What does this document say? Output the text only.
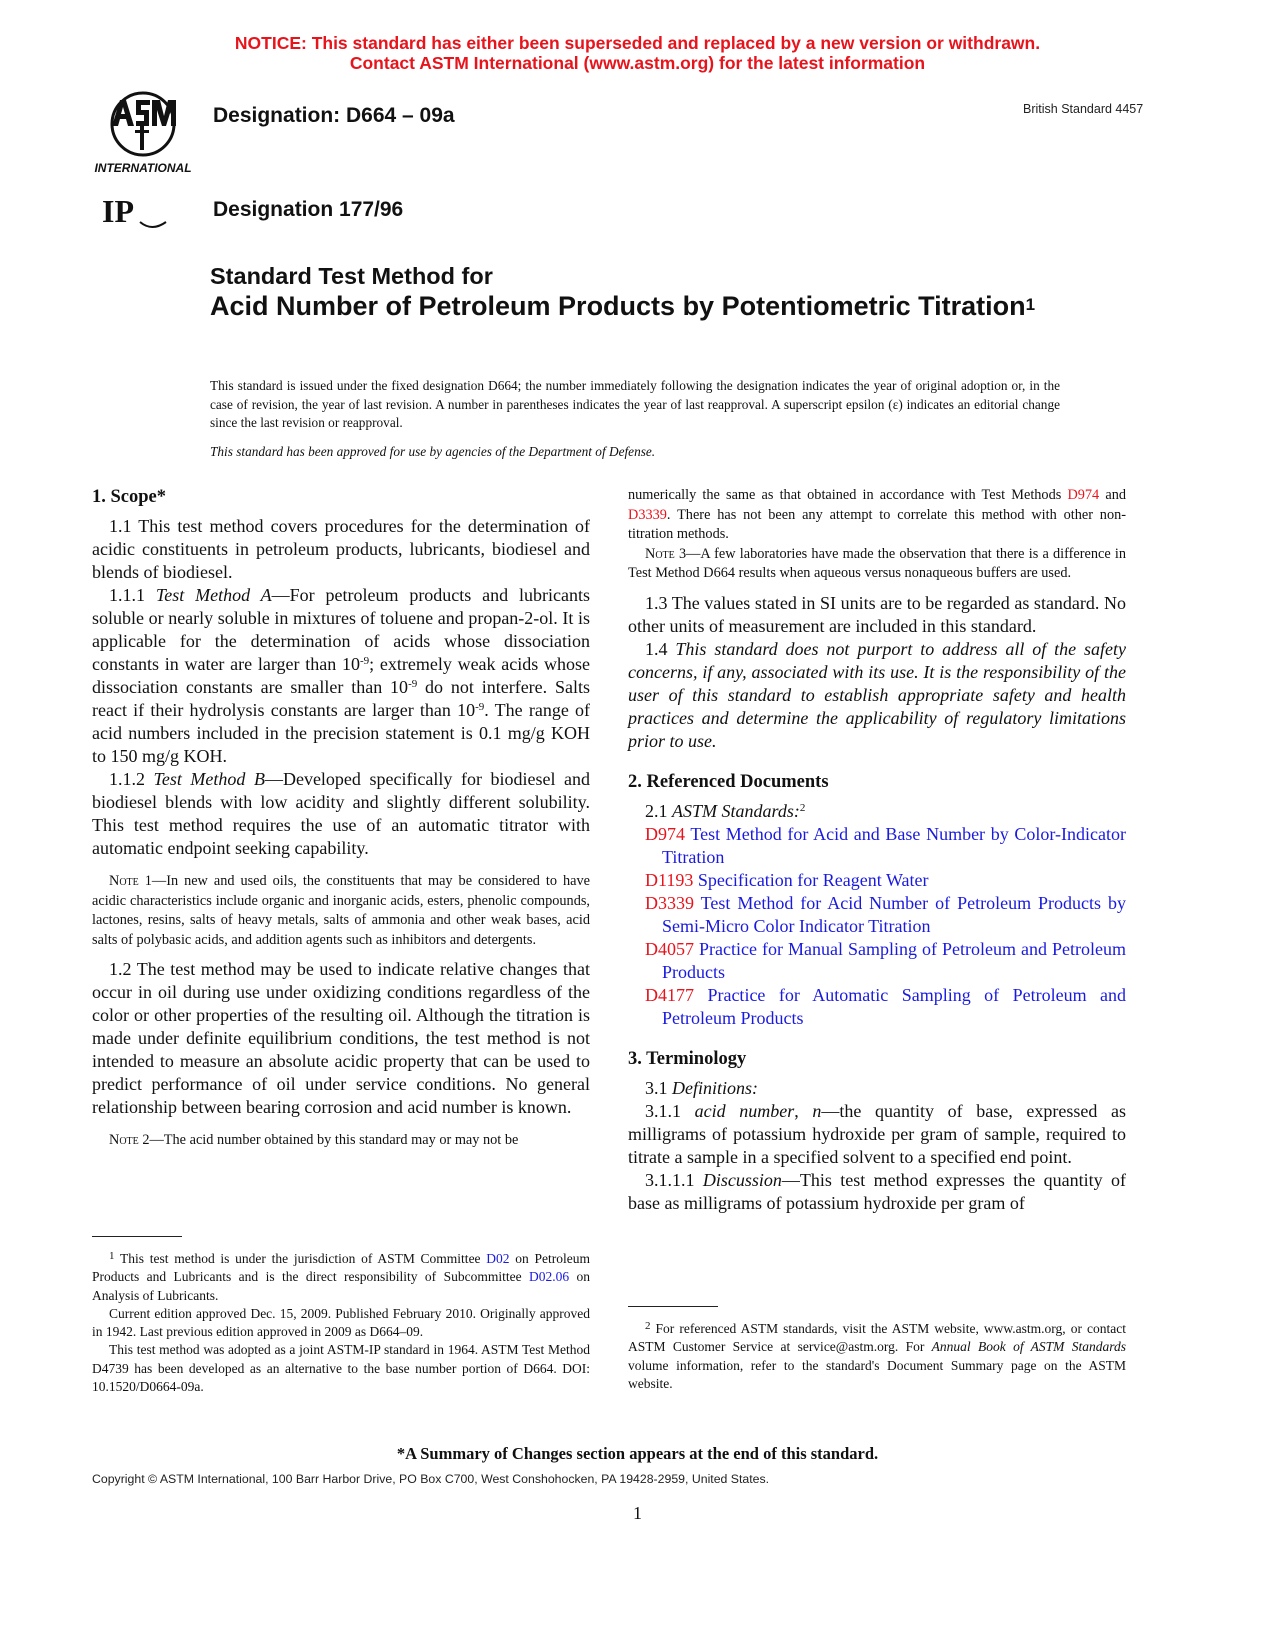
NOTICE: This standard has either been superseded and replaced by a new version or withdrawn.
Contact ASTM International (www.astm.org) for the latest information
INTERNATIONAL
IP
Designation: D664 – 09a
Designation 177/96
British Standard 4457
Standard Test Method for
Acid Number of Petroleum Products by Potentiometric Titration$^1$
This standard is issued under the fixed designation D664; the number immediately following the designation indicates the year of original adoption or, in the case of revision, the year of last revision. A number in parentheses indicates the year of last reapproval. A superscript epsilon (ε) indicates an editorial change since the last revision or reapproval.
This standard has been approved for use by agencies of the Department of Defense.

1. Scope*

1.1 This test method covers procedures for the determination of acidic constituents in petroleum products, lubricants, biodiesel and blends of biodiesel.

1.1.1 Test Method A—For petroleum products and lubricants soluble or nearly soluble in mixtures of toluene and propan-2-ol. It is applicable for the determination of acids whose dissociation constants in water are larger than $10^{-9}$; extremely weak acids whose dissociation constants are smaller than $10^{-9}$ do not interfere. Salts react if their hydrolysis constants are larger than $10^{-9}$. The range of acid numbers included in the precision statement is 0.1 mg/g KOH to 150 mg/g KOH.

1.1.2 Test Method B—Developed specifically for biodiesel and biodiesel blends with low acidity and slightly different solubility. This test method requires the use of an automatic titrator with automatic endpoint seeking capability.

Note 1—In new and used oils, the constituents that may be considered to have acidic characteristics include organic and inorganic acids, esters, phenolic compounds, lactones, resins, salts of heavy metals, salts of ammonia and other weak bases, acid salts of polybasic acids, and addition agents such as inhibitors and detergents.

1.2 The test method may be used to indicate relative changes that occur in oil during use under oxidizing conditions regardless of the color or other properties of the resulting oil. Although the titration is made under definite equilibrium conditions, the test method is not intended to measure an absolute acidic property that can be used to predict performance of oil under service conditions. No general relationship between bearing corrosion and acid number is known.

Note 2—The acid number obtained by this standard may or may not be

$^1$ This test method is under the jurisdiction of ASTM Committee D02 on Petroleum Products and Lubricants and is the direct responsibility of Subcommittee D02.06 on Analysis of Lubricants.

Current edition approved Dec. 15, 2009. Published February 2010. Originally approved in 1942. Last previous edition approved in 2009 as D664–09.

This test method was adopted as a joint ASTM-IP standard in 1964. ASTM Test Method D4739 has been developed as an alternative to the base number portion of D664. DOI: 10.1520/D0664-09a.

numerically the same as that obtained in accordance with Test Methods D974 and D3339. There has not been any attempt to correlate this method with other non-titration methods.

Note 3—A few laboratories have made the observation that there is a difference in Test Method D664 results when aqueous versus nonaqueous buffers are used.

1.3 The values stated in SI units are to be regarded as standard. No other units of measurement are included in this standard.

1.4 This standard does not purport to address all of the safety concerns, if any, associated with its use. It is the responsibility of the user of this standard to establish appropriate safety and health practices and determine the applicability of regulatory limitations prior to use.

2. Referenced Documents

2.1 ASTM Standards:$^2$

D974 Test Method for Acid and Base Number by Color-Indicator Titration

D1193 Specification for Reagent Water

D3339 Test Method for Acid Number of Petroleum Products by Semi-Micro Color Indicator Titration

D4057 Practice for Manual Sampling of Petroleum and Petroleum Products

D4177 Practice for Automatic Sampling of Petroleum and Petroleum Products

3. Terminology

3.1 Definitions:

3.1.1 acid number, n—the quantity of base, expressed as milligrams of potassium hydroxide per gram of sample, required to titrate a sample in a specified solvent to a specified end point.

3.1.1.1 Discussion—This test method expresses the quantity of base as milligrams of potassium hydroxide per gram of

$^2$ For referenced ASTM standards, visit the ASTM website, www.astm.org, or contact ASTM Customer Service at service@astm.org. For Annual Book of ASTM Standards volume information, refer to the standard's Document Summary page on the ASTM website.

*A Summary of Changes section appears at the end of this standard.
Copyright © ASTM International, 100 Barr Harbor Drive, PO Box C700, West Conshohocken, PA 19428-2959, United States.
1
